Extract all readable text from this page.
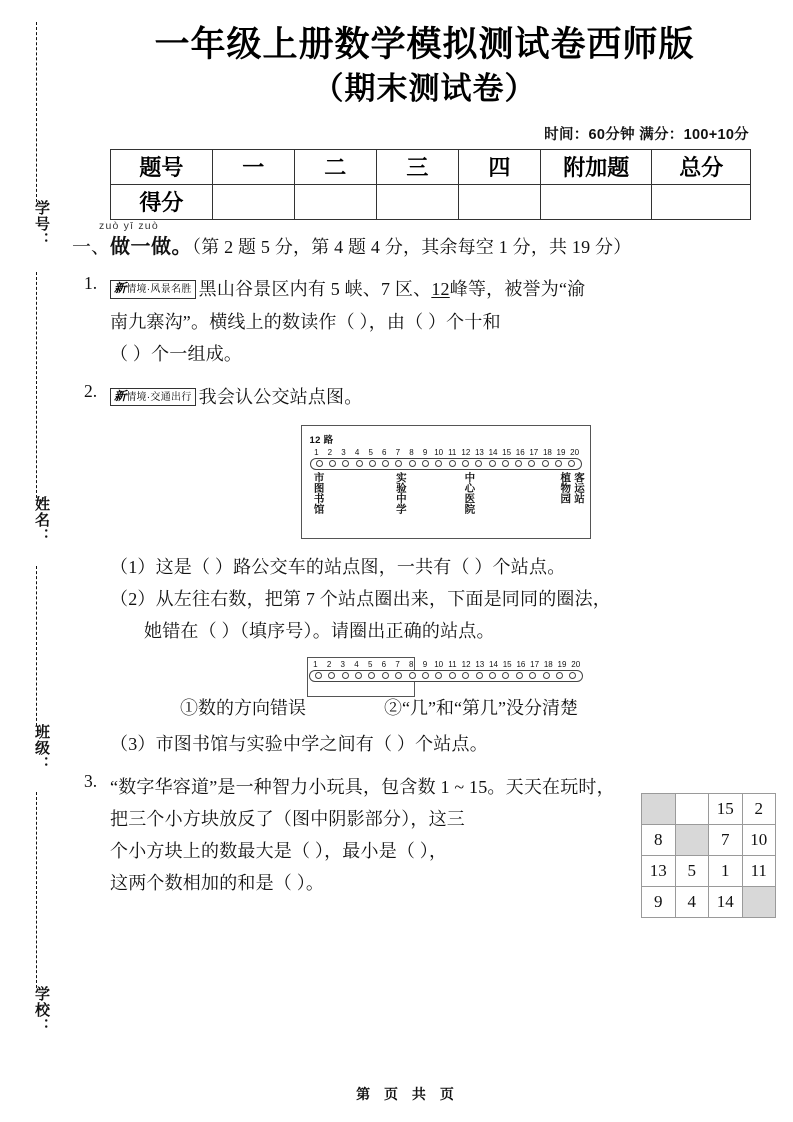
学号：
姓名：
班级：
学校：
一年级上册数学模拟测试卷西师版
（期末测试卷）
时间：60分钟 满分：100+10分
题号	一	二	三	四	附加题	总分
得分						
zuò yī zuò
一、做一做。（第 2 题 5 分，第 4 题 4 分，其余每空 1 分，共 19 分）
1.	新情境·风景名胜 黑山谷景区内有 5 峡、7 区、12峰等，被誉为“渝
南九寨沟”。横线上的数读作（ ），由（ ）个十和
（ ）个一组成。
2.	新情境·交通出行 我会认公交站点图。
12 路
1	2	3	4	5	6	7	8	9 10 11 12 13 14 15 16 17 18 19 20
市图书馆	实验中学	中心医院	植物园 客运站
（1）这是（ ）路公交车的站点图，一共有（ ）个站点。
（2）从左往右数，把第 7 个站点圈出来，下面是同同的圈法，
她错在（ ）（填序号）。请圈出正确的站点。
1	2	3	4	5	6	7	8	9 10 11 12 13 14 15 16 17 18 19 20
①数的方向错误	②“几”和“第几”没分清楚
（3）市图书馆与实验中学之间有（ ）个站点。
3. “数字华容道”是一种智力小玩具，包含数 1 ~ 15。天天在玩时，
把三个小方块放反了（图中阴影部分），这三
个小方块上的数最大是（ ），最小是（ ），
这两个数相加的和是（ ）。
		15	2
8		7	10
13	5	1	11
9	4	14	
第 页 共 页
